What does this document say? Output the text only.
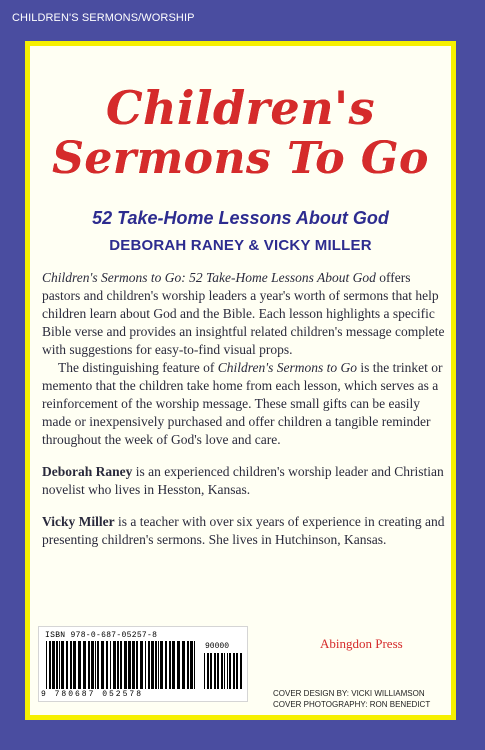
CHILDREN'S SERMONS/WORSHIP
Children's
Sermons To Go
52 Take-Home Lessons About God
DEBORAH RANEY & VICKY MILLER

Children's Sermons to Go: 52 Take-Home Lessons About God offers pastors and children's worship leaders a year's worth of sermons that help children learn about God and the Bible. Each lesson highlights a specific Bible verse and provides an insightful related children's message complete with suggestions for easy-to-find visual props.

The distinguishing feature of Children's Sermons to Go is the trinket or memento that the children take home from each lesson, which serves as a reinforcement of the worship message. These small gifts can be easily made or inexpensively purchased and offer children a tangible reminder throughout the week of God's love and care.

Deborah Raney is an experienced children's worship leader and Christian novelist who lives in Hesston, Kansas.

Vicky Miller is a teacher with over six years of experience in creating and presenting children's sermons. She lives in Hutchinson, Kansas.

ISBN 978-0-687-05257-8
90000
9 780687 052578
Abingdon Press
COVER DESIGN BY: VICKI WILLIAMSON
COVER PHOTOGRAPHY: RON BENEDICT
